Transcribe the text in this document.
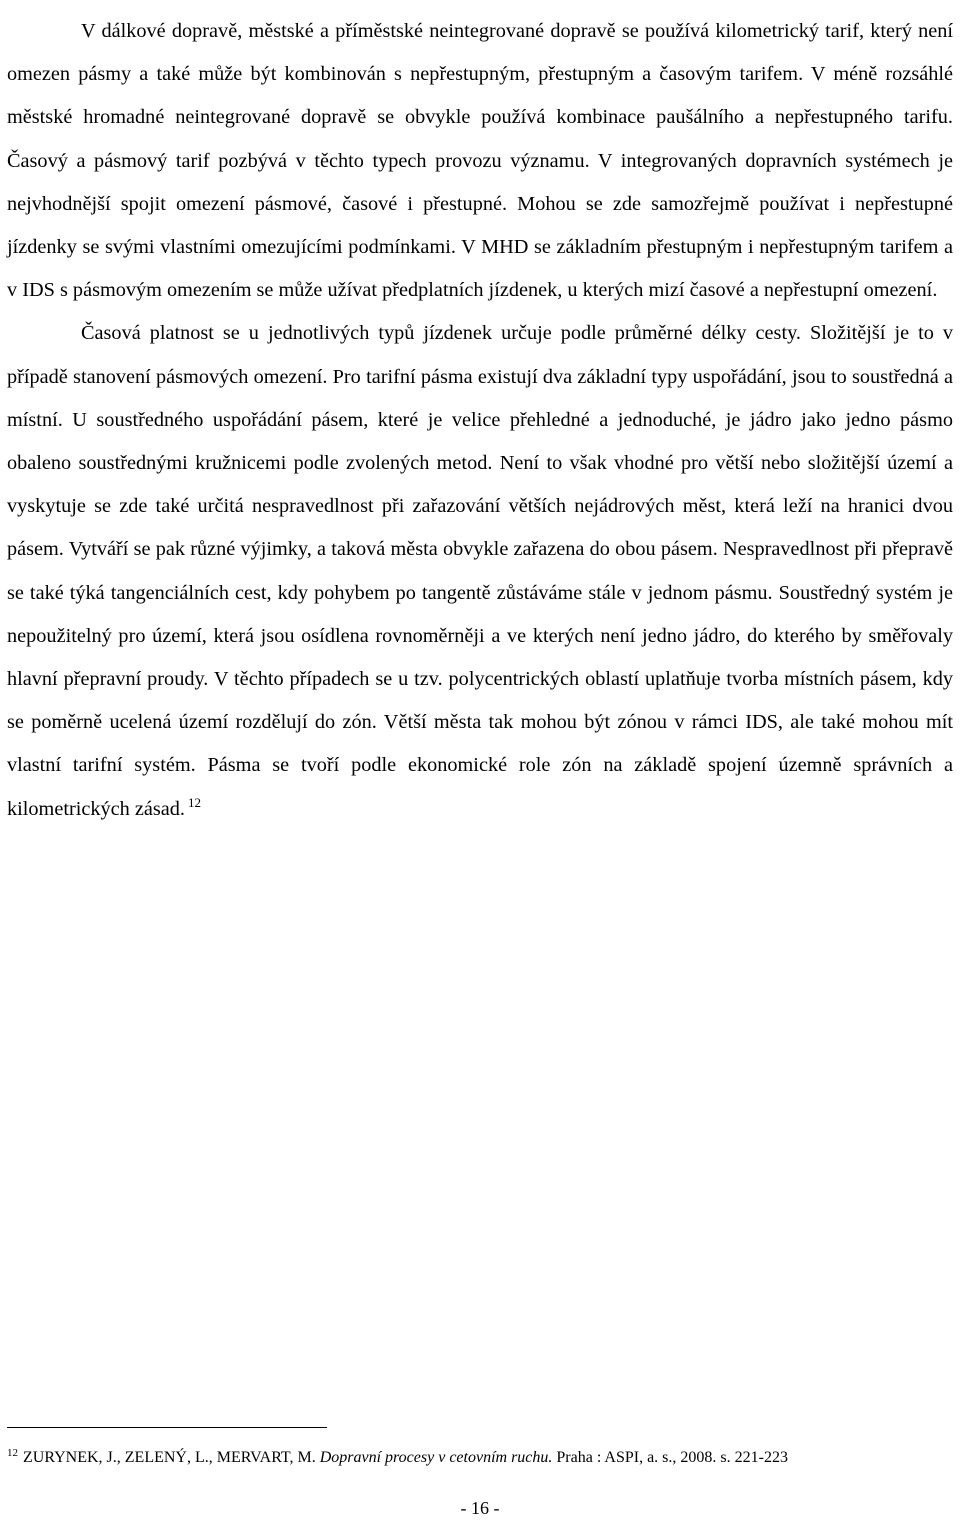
V dálkové dopravě, městské a příměstské neintegrované dopravě se používá kilometrický tarif, který není omezen pásmy a také může být kombinován s nepřestupným, přestupným a časovým tarifem. V méně rozsáhlé městské hromadné neintegrované dopravě se obvykle používá kombinace paušálního a nepřestupného tarifu. Časový a pásmový tarif pozbývá v těchto typech provozu významu. V integrovaných dopravních systémech je nejvhodnější spojit omezení pásmové, časové i přestupné. Mohou se zde samozřejmě používat i nepřestupné jízdenky se svými vlastními omezujícími podmínkami. V MHD se základním přestupným i nepřestupným tarifem a v IDS s pásmovým omezením se může užívat předplatních jízdenek, u kterých mizí časové a nepřestupní omezení.

Časová platnost se u jednotlivých typů jízdenek určuje podle průměrné délky cesty. Složitější je to v případě stanovení pásmových omezení. Pro tarifní pásma existují dva základní typy uspořádání, jsou to soustředná a místní. U soustředného uspořádání pásem, které je velice přehledné a jednoduché, je jádro jako jedno pásmo obaleno soustřednými kružnicemi podle zvolených metod. Není to však vhodné pro větší nebo složitější území a vyskytuje se zde také určitá nespravedlnost při zařazování větších nejádrových měst, která leží na hranici dvou pásem. Vytváří se pak různé výjimky, a taková města obvykle zařazena do obou pásem. Nespravedlnost při přepravě se také týká tangenciálních cest, kdy pohybem po tangentě zůstáváme stále v jednom pásmu. Soustředný systém je nepoužitelný pro území, která jsou osídlena rovnoměrněji a ve kterých není jedno jádro, do kterého by směřovaly hlavní přepravní proudy. V těchto případech se u tzv. polycentrických oblastí uplatňuje tvorba místních pásem, kdy se poměrně ucelená území rozdělují do zón. Větší města tak mohou být zónou v rámci IDS, ale také mohou mít vlastní tarifní systém. Pásma se tvoří podle ekonomické role zón na základě spojení územně správních a kilometrických zásad. $^{12}$

$^{12}$ ZURYNEK, J., ZELENÝ, L., MERVART, M. Dopravní procesy v cetovním ruchu. Praha : ASPI, a. s., 2008. s. 221-223
- 16 -
